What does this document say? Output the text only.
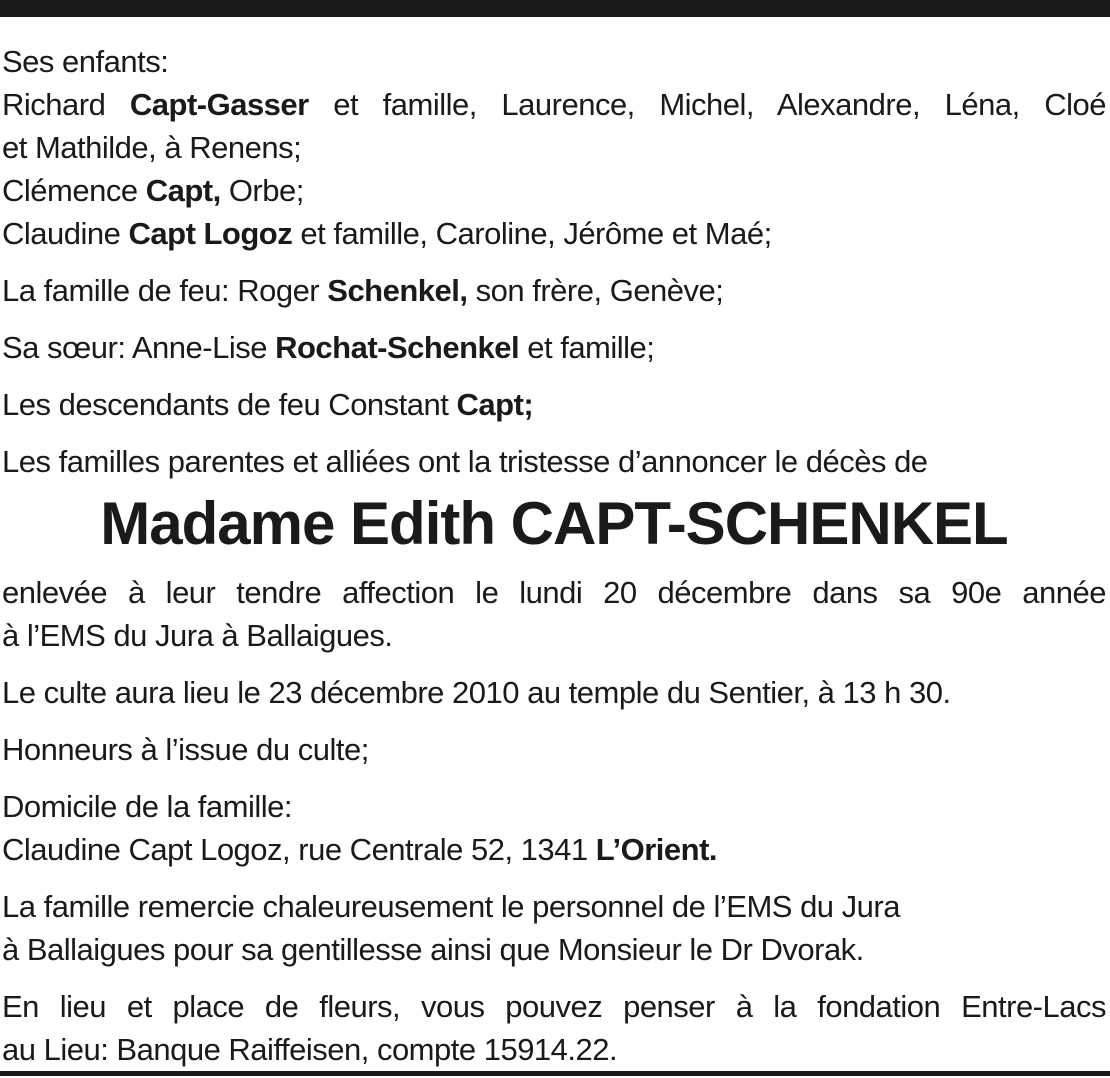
Ses enfants:
Richard Capt-Gasser et famille, Laurence, Michel, Alexandre, Léna, Cloé
et Mathilde, à Renens;
Clémence Capt, Orbe;
Claudine Capt Logoz et famille, Caroline, Jérôme et Maé;
La famille de feu: Roger Schenkel, son frère, Genève;
Sa sœur: Anne-Lise Rochat-Schenkel et famille;
Les descendants de feu Constant Capt;
Les familles parentes et alliées ont la tristesse d’annoncer le décès de
Madame Edith CAPT-SCHENKEL
enlevée à leur tendre affection le lundi 20 décembre dans sa 90e année
à l’EMS du Jura à Ballaigues.
Le culte aura lieu le 23 décembre 2010 au temple du Sentier, à 13 h 30.
Honneurs à l’issue du culte;
Domicile de la famille:
Claudine Capt Logoz, rue Centrale 52, 1341 L’Orient.
La famille remercie chaleureusement le personnel de l’EMS du Jura
à Ballaigues pour sa gentillesse ainsi que Monsieur le Dr Dvorak.
En lieu et place de fleurs, vous pouvez penser à la fondation Entre-Lacs
au Lieu: Banque Raiffeisen, compte 15914.22.
